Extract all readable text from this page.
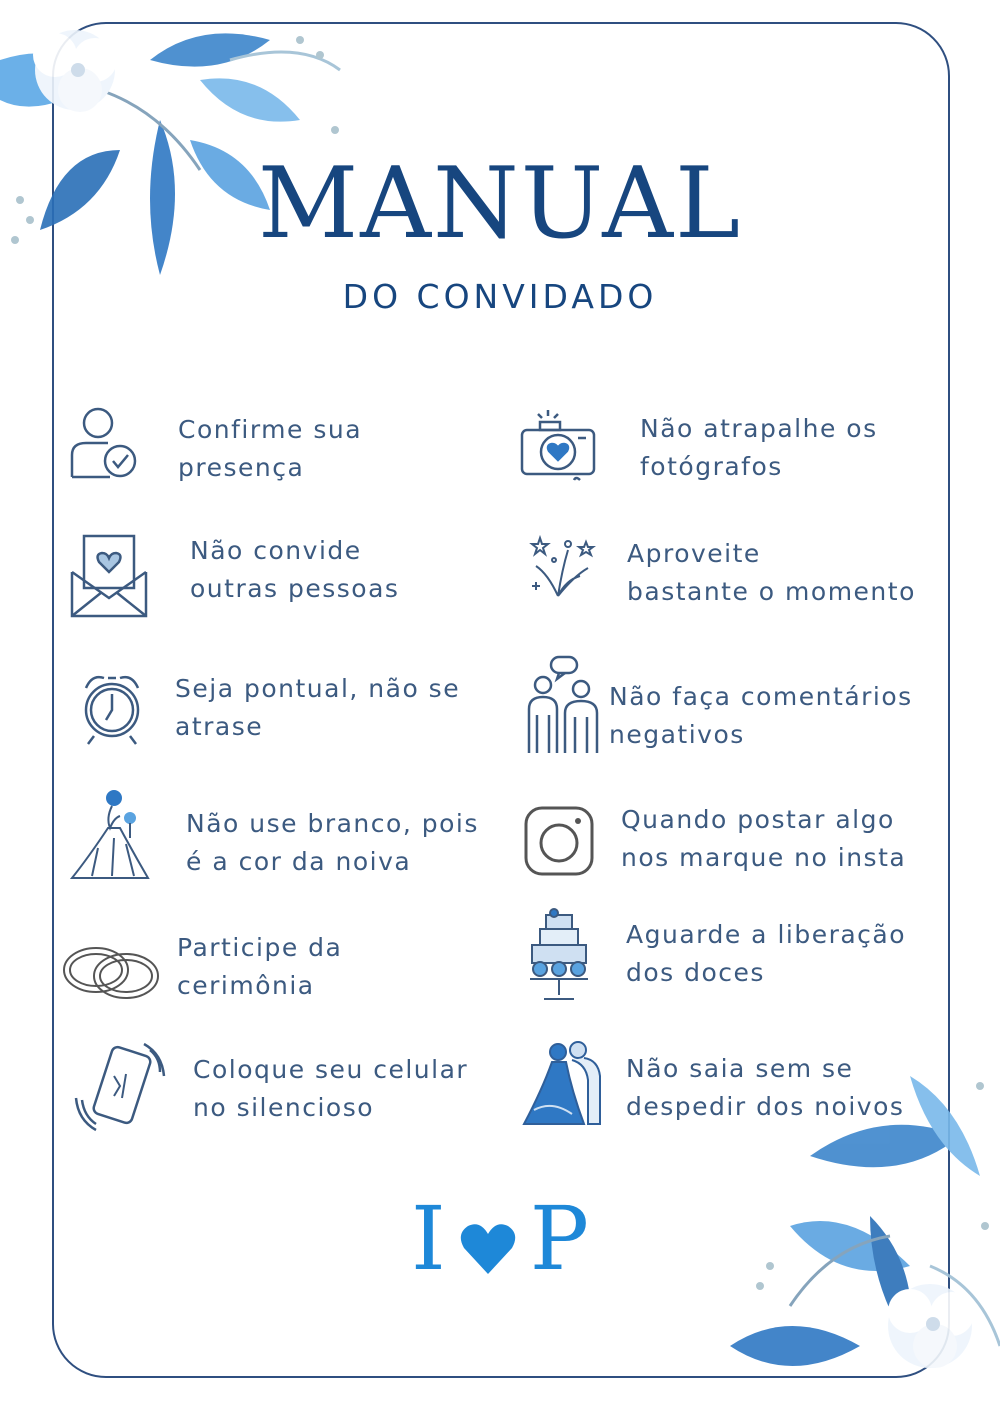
MANUAL
DO CONVIDADO
Confirme sua
presença
Não atrapalhe os
fotógrafos
Não convide
outras pessoas
Aproveite
bastante o momento
Seja pontual, não se
atrase
Não faça comentários
negativos
Não use branco, pois
é a cor da noiva
Quando postar algo
nos marque no insta
Participe da
cerimônia
Aguarde a liberação
dos doces
Coloque seu celular
no silencioso
Não saia sem se
despedir dos noivos
I P
